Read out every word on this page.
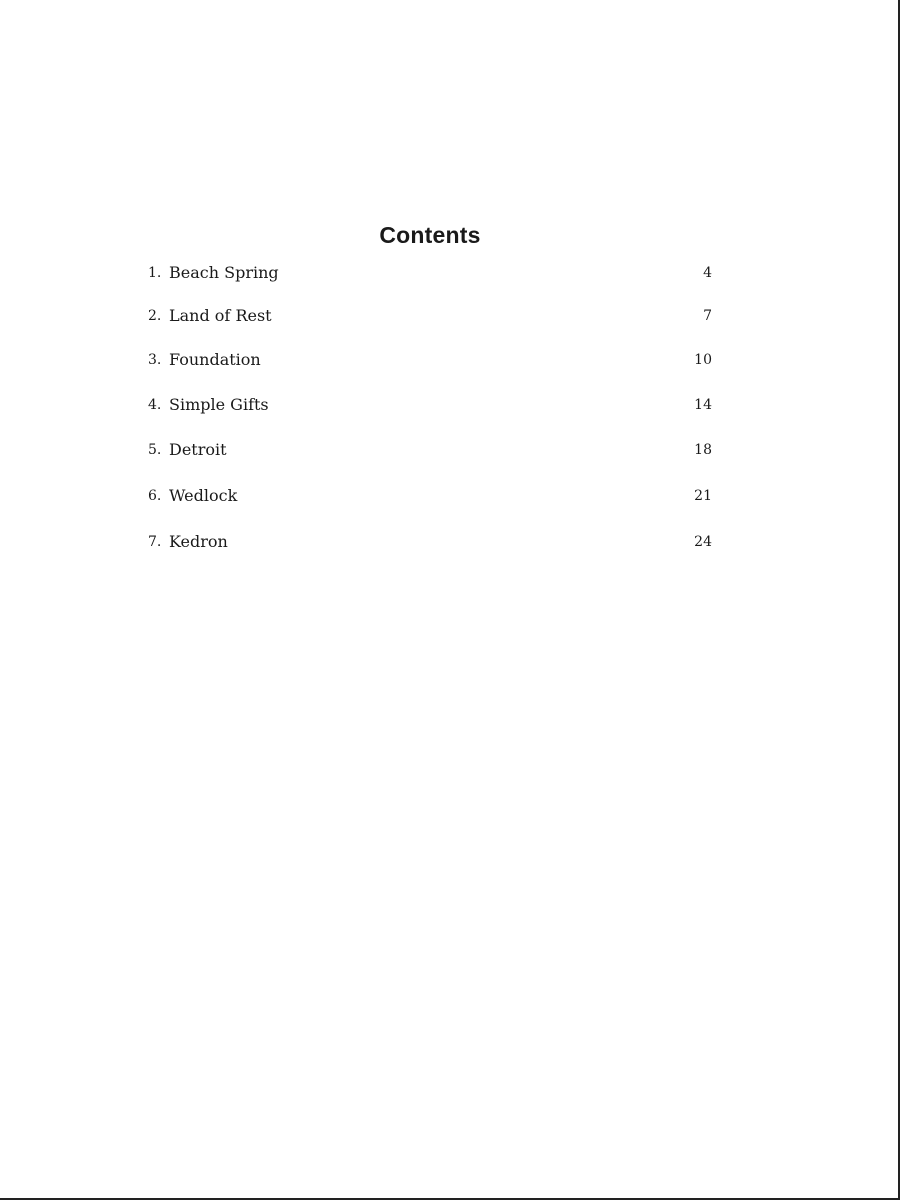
Contents
1. Beach Spring	4
2. Land of Rest	7
3. Foundation	10
4. Simple Gifts	14
5. Detroit	18
6. Wedlock	21
7. Kedron	24
